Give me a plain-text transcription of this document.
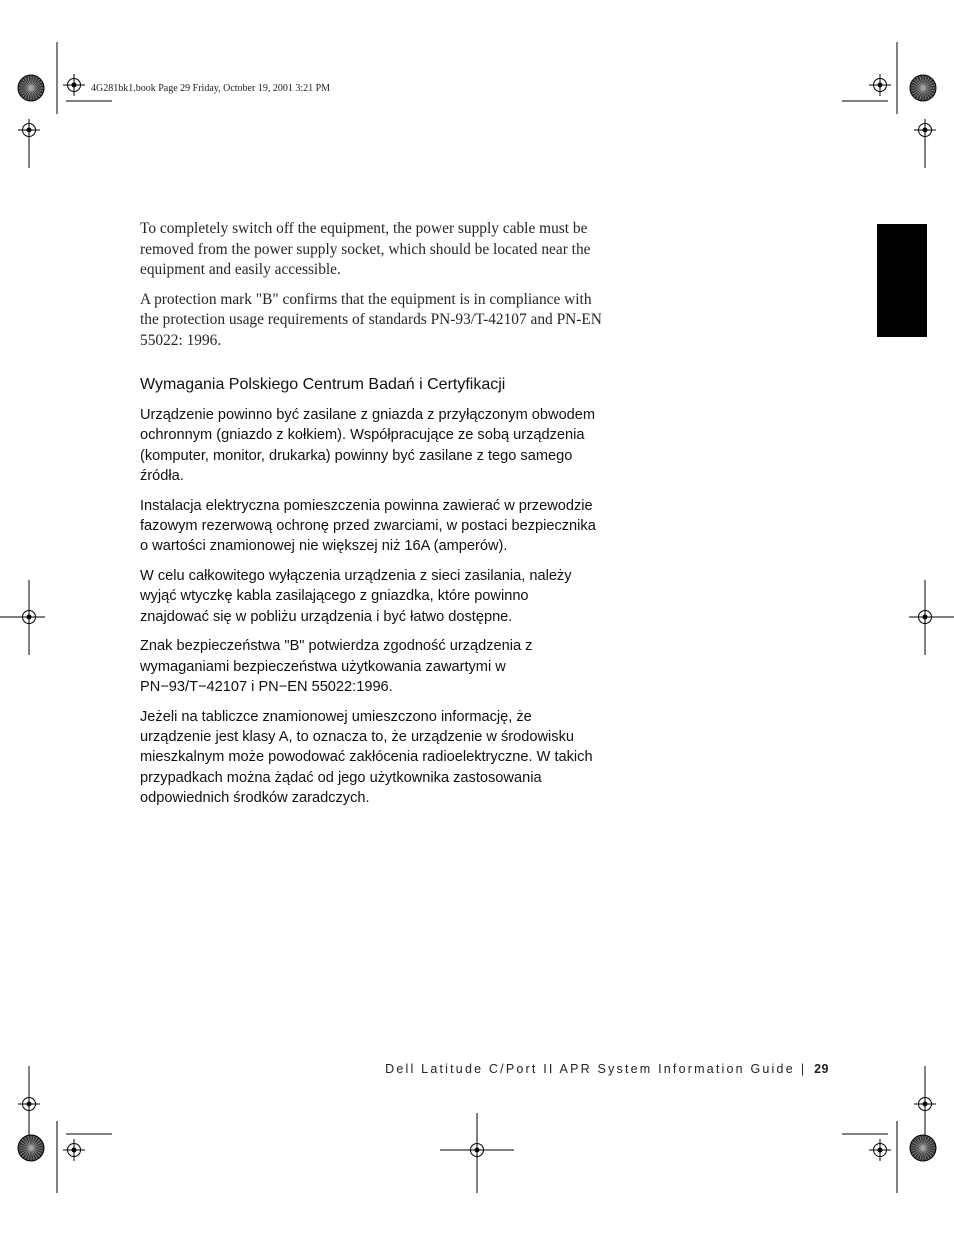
4G281bk1.book Page 29 Friday, October 19, 2001 3:21 PM

To completely switch off the equipment, the power supply cable must be
removed from the power supply socket, which should be located near the
equipment and easily accessible.

A protection mark "B" confirms that the equipment is in compliance with
the protection usage requirements of standards PN-93/T-42107 and PN-EN
55022: 1996.

Wymagania Polskiego Centrum Badań i Certyfikacji

Urządzenie powinno być zasilane z gniazda z przyłączonym obwodem
ochronnym (gniazdo z kołkiem). Współpracujące ze sobą urządzenia
(komputer, monitor, drukarka) powinny być zasilane z tego samego
źródła.

Instalacja elektryczna pomieszczenia powinna zawierać w przewodzie
fazowym rezerwową ochronę przed zwarciami, w postaci bezpiecznika
o wartości znamionowej nie większej niż 16A (amperów).

W celu całkowitego wyłączenia urządzenia z sieci zasilania, należy
wyjąć wtyczkę kabla zasilającego z gniazdka, które powinno
znajdować się w pobliżu urządzenia i być łatwo dostępne.

Znak bezpieczeństwa "B" potwierdza zgodność urządzenia z
wymaganiami bezpieczeństwa użytkowania zawartymi w
PN−93/T−42107 i PN−EN 55022:1996.

Jeżeli na tabliczce znamionowej umieszczono informację, że
urządzenie jest klasy A, to oznacza to, że urządzenie w środowisku
mieszkalnym może powodować zakłócenia radioelektryczne. W takich
przypadkach można żądać od jego użytkownika zastosowania
odpowiednich środków zaradczych.

Dell Latitude C/Port II APR System Information Guide | 29
